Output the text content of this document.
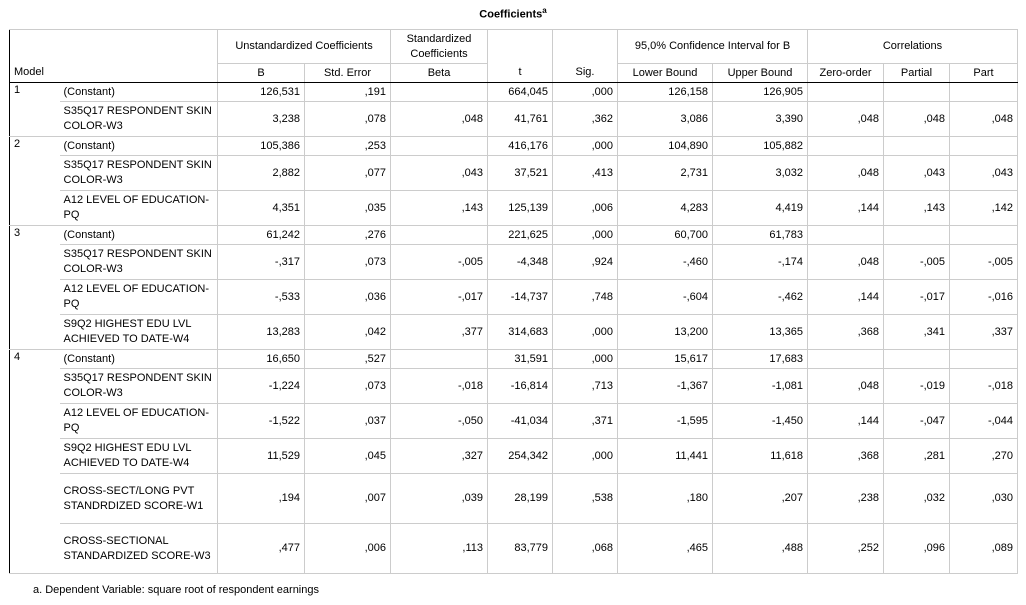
Coefficients$^a$
Model		Unstandardized Coefficients		Standardized
Coefficients	t	Sig.	95,0% Confidence Interval for B		Correlations		
		B	Std. Error	Beta			Lower Bound	Upper Bound	Zero-order	Partial	Part
1	(Constant)	126,531	,191		664,045	,000	126,158	126,905			
	S35Q17 RESPONDENT SKIN COLOR-W3	3,238	,078	,048	41,761	,362	3,086	3,390	,048	,048	,048
2	(Constant)	105,386	,253		416,176	,000	104,890	105,882			
	S35Q17 RESPONDENT SKIN COLOR-W3	2,882	,077	,043	37,521	,413	2,731	3,032	,048	,043	,043
	A12 LEVEL OF EDUCATION-PQ	4,351	,035	,143	125,139	,006	4,283	4,419	,144	,143	,142
3	(Constant)	61,242	,276		221,625	,000	60,700	61,783			
	S35Q17 RESPONDENT SKIN COLOR-W3	-,317	,073	-,005	-4,348	,924	-,460	-,174	,048	-,005	-,005
	A12 LEVEL OF EDUCATION-PQ	-,533	,036	-,017	-14,737	,748	-,604	-,462	,144	-,017	-,016
	S9Q2 HIGHEST EDU LVL ACHIEVED TO DATE-W4	13,283	,042	,377	314,683	,000	13,200	13,365	,368	,341	,337
4	(Constant)	16,650	,527		31,591	,000	15,617	17,683			
	S35Q17 RESPONDENT SKIN COLOR-W3	-1,224	,073	-,018	-16,814	,713	-1,367	-1,081	,048	-,019	-,018
	A12 LEVEL OF EDUCATION-PQ	-1,522	,037	-,050	-41,034	,371	-1,595	-1,450	,144	-,047	-,044
	S9Q2 HIGHEST EDU LVL ACHIEVED TO DATE-W4	11,529	,045	,327	254,342	,000	11,441	11,618	,368	,281	,270
	CROSS-SECT/LONG PVT STANDRDIZED SCORE-W1	,194	,007	,039	28,199	,538	,180	,207	,238	,032	,030
	CROSS-SECTIONAL STANDARDIZED SCORE-W3	,477	,006	,113	83,779	,068	,465	,488	,252	,096	,089
a. Dependent Variable: square root of respondent earnings
